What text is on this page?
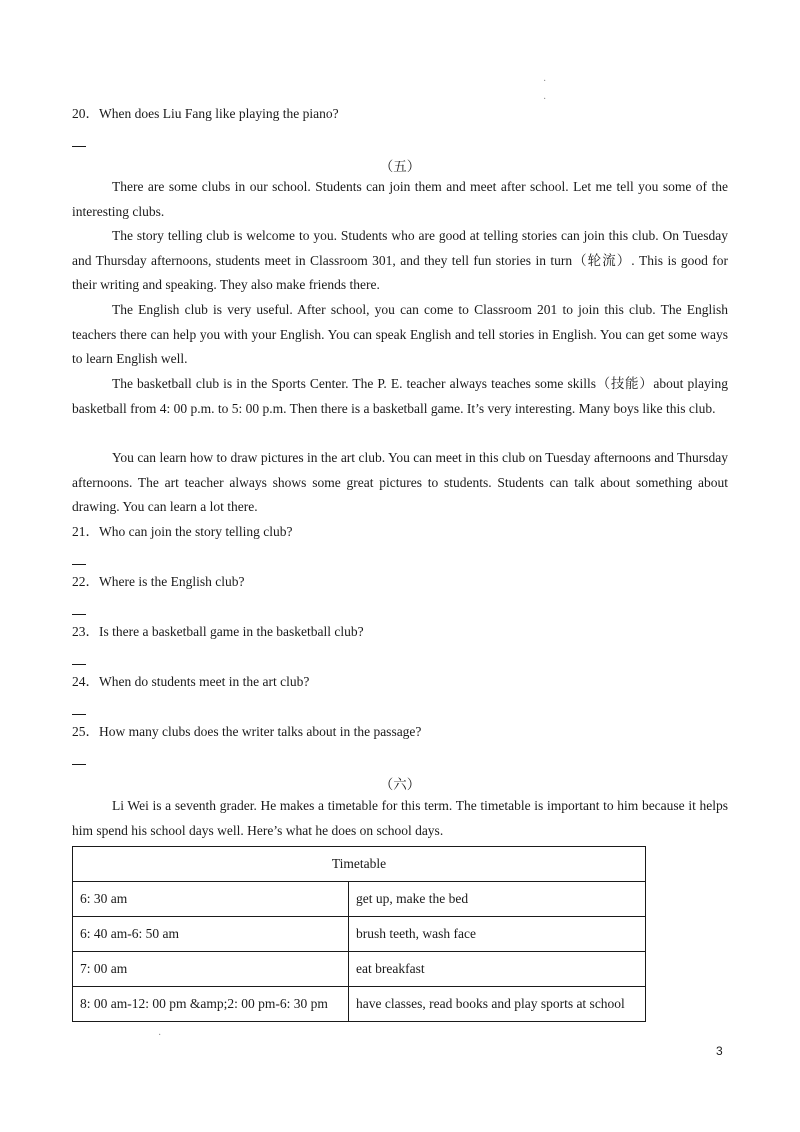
·
·
20．When does Liu Fang like playing the piano?
（五）

There are some clubs in our school. Students can join them and meet after school. Let me tell you some of the interesting clubs.

The story telling club is welcome to you. Students who are good at telling stories can join this club. On Tuesday and Thursday afternoons, students meet in Classroom 301, and they tell fun stories in turn（轮流）. This is good for their writing and speaking. They also make friends there.

The English club is very useful. After school, you can come to Classroom 201 to join this club. The English teachers there can help you with your English. You can speak English and tell stories in English. You can get some ways to learn English well.

The basketball club is in the Sports Center. The P. E. teacher always teaches some skills（技能）about playing basketball from 4: 00 p.m. to 5: 00 p.m. Then there is a basketball game. It’s very interesting. Many boys like this club.

You can learn how to draw pictures in the art club. You can meet in this club on Tuesday afternoons and Thursday afternoons. The art teacher always shows some great pictures to students. Students can talk about something about drawing. You can learn a lot there.

21．Who can join the story telling club?
22．Where is the English club?
23．Is there a basketball game in the basketball club?
24．When do students meet in the art club?
25．How many clubs does the writer talks about in the passage?
（六）

Li Wei is a seventh grader. He makes a timetable for this term. The timetable is important to him because it helps him spend his school days well. Here’s what he does on school days.

Timetable	
6: 30 am	get up, make the bed
6: 40 am-6: 50 am	brush teeth, wash face
7: 00 am	eat breakfast
8: 00 am-12: 00 pm &amp;2: 00 pm-6: 30 pm	have classes, read books and play sports at school
·
3
